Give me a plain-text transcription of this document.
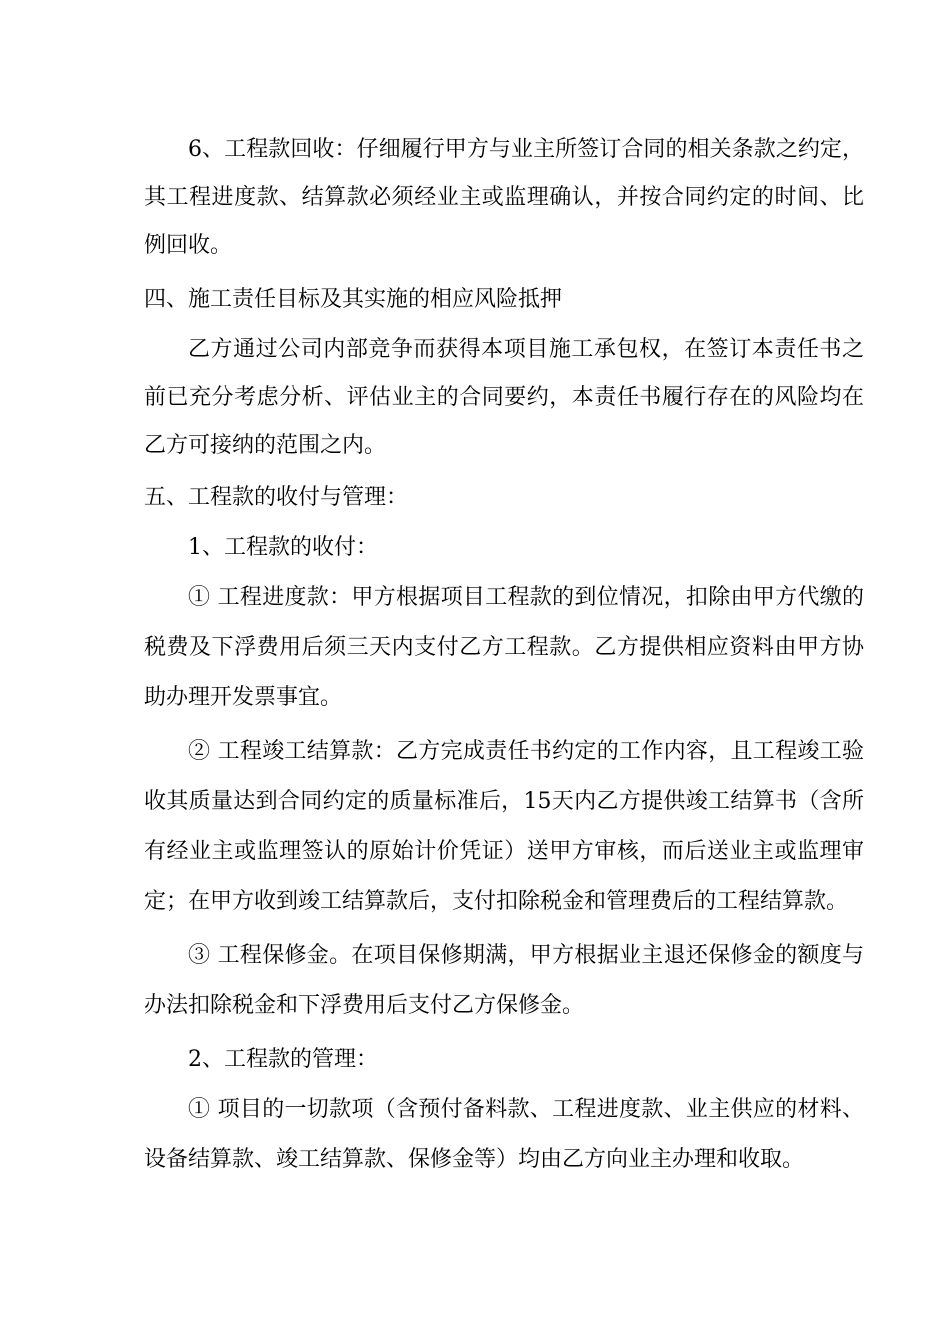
6、工程款回收：仔细履行甲方与业主所签订合同的相关条款之约定，其工程进度款、结算款必须经业主或监理确认，并按合同约定的时间、比例回收。

四、施工责任目标及其实施的相应风险抵押

乙方通过公司内部竞争而获得本项目施工承包权，在签订本责任书之前已充分考虑分析、评估业主的合同要约，本责任书履行存在的风险均在乙方可接纳的范围之内。

五、工程款的收付与管理：

1、工程款的收付：

① 工程进度款：甲方根据项目工程款的到位情况，扣除由甲方代缴的税费及下浮费用后须三天内支付乙方工程款。乙方提供相应资料由甲方协助办理开发票事宜。

② 工程竣工结算款：乙方完成责任书约定的工作内容，且工程竣工验收其质量达到合同约定的质量标准后，15天内乙方提供竣工结算书（含所有经业主或监理签认的原始计价凭证）送甲方审核，而后送业主或监理审定；在甲方收到竣工结算款后，支付扣除税金和管理费后的工程结算款。

③ 工程保修金。在项目保修期满，甲方根据业主退还保修金的额度与办法扣除税金和下浮费用后支付乙方保修金。

2、工程款的管理：

① 项目的一切款项（含预付备料款、工程进度款、业主供应的材料、设备结算款、竣工结算款、保修金等）均由乙方向业主办理和收取。
